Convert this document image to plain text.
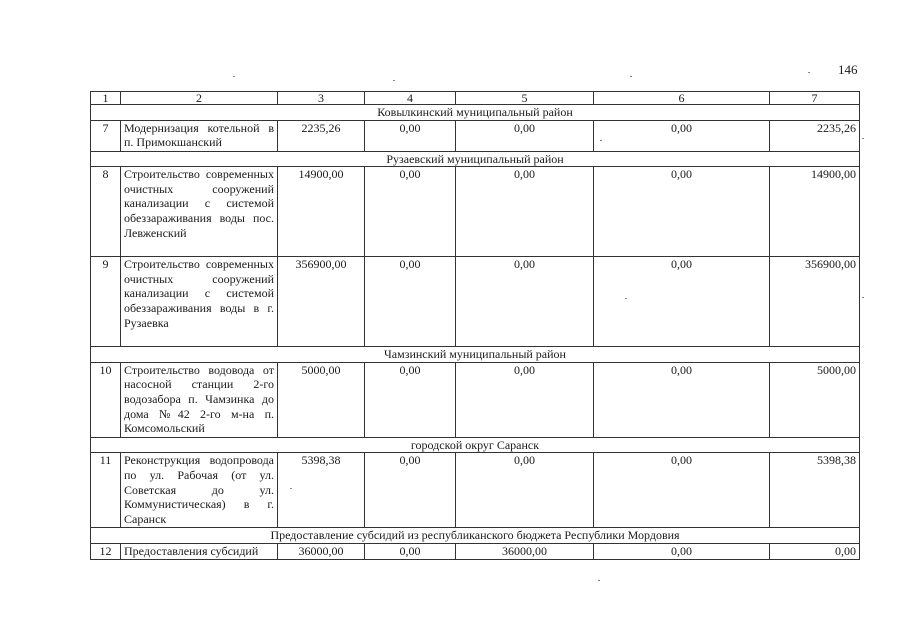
146
1	2	3	4	5	6	7
Ковылкинский муниципальный район						
7	Модернизация котельной в п. Примокшанский	2235,26	0,00	0,00	0,00	2235,26
Рузаевский муниципальный район						
8	Строительство современных очистных сооружений канализации с системой обеззараживания воды пос. Левженский	14900,00	0,00	0,00	0,00	14900,00
9	Строительство современных очистных сооружений канализации с системой обеззараживания воды в г. Рузаевка	356900,00	0,00	0,00	0,00	356900,00
Чамзинский муниципальный район						
10	Строительство водовода от насосной станции 2-го водозабора п. Чамзинка до дома №42 2-го м-на п. Комсомольский	5000,00	0,00	0,00	0,00	5000,00
городской округ Саранск						
11	Реконструкция водопровода по ул. Рабочая (от ул. Советская до ул. Коммунистическая) в г. Саранск	5398,38	0,00	0,00	0,00	5398,38
Предоставление субсидий из республиканского бюджета Республики Мордовия						
12	Предоставления субсидий	36000,00	0,00	36000,00	0,00	0,00
